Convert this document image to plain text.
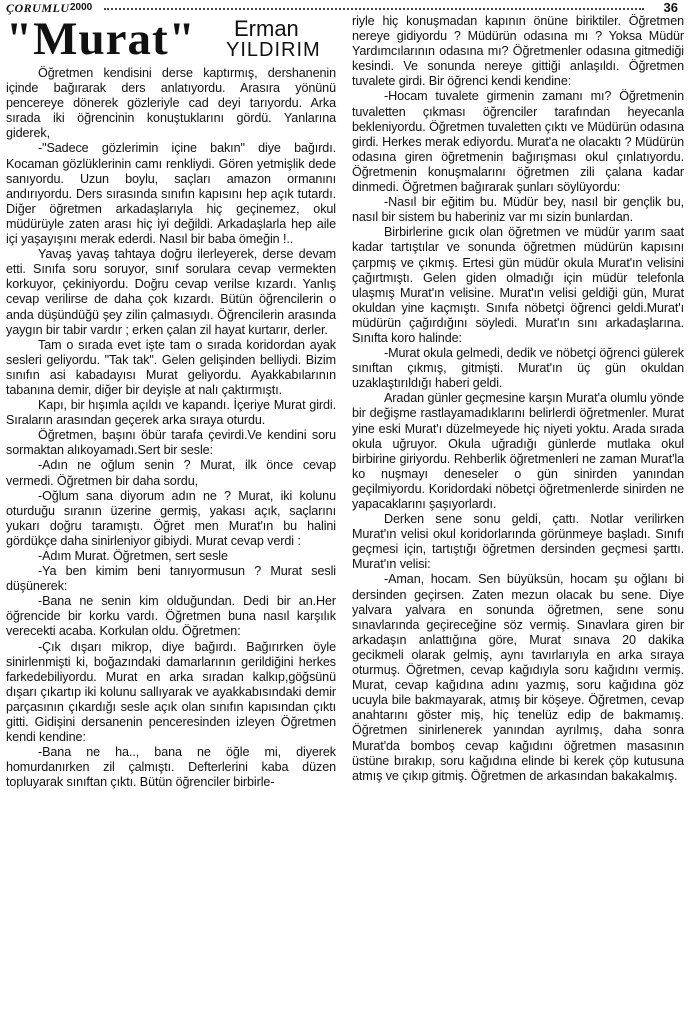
ÇORUMLU 2000	36
"Murat"	Erman
YILDIRIM

Öğretmen kendisini derse kaptırmış, dershanenin içinde bağırarak ders anlatıyordu. Arasıra yönünü pencereye dönerek gözleriyle cad deyi tarıyordu. Arka sırada iki öğrencinin konuştuklarını gördü. Yanlarına giderek,

-"Sadece gözlerimin içine bakın" diye bağırdı. Kocaman gözlüklerinin camı renkliydi. Gören yetmişlik dede sanıyordu. Uzun boylu, saçları amazon ormanını andırıyordu. Ders sırasında sınıfın kapısını hep açık tutardı. Diğer öğretmen arkadaşlarıyla hiç geçinemez, okul müdürüyle zaten arası hiç iyi değildi. Arkadaşlarla hep aile içi yaşayışını merak ederdi. Nasıl bir baba ömeğin !..

Yavaş yavaş tahtaya doğru ilerleyerek, derse devam etti. Sınıfa soru soruyor, sınıf sorulara cevap vermekten korkuyor, çekiniyordu. Doğru cevap verilse kızardı. Yanlış cevap verilirse de daha çok kızardı. Bütün öğrencilerin o anda düşündüğü şey zilin çalmasıydı. Öğrencilerin arasında yaygın bir tabir vardır ; erken çalan zil hayat kurtarır, derler.

Tam o sırada evet işte tam o sırada koridordan ayak sesleri geliyordu. "Tak tak". Gelen gelişinden belliydi. Bizim sınıfın asi kabadayısı Murat geliyordu. Ayakkabılarının tabanına demir, diğer bir deyişle at nalı çaktırmıştı.

Kapı, bir hışımla açıldı ve kapandı. İçeriye Murat girdi. Sıraların arasından geçerek arka sıraya oturdu.

Öğretmen, başını öbür tarafa çevirdi.Ve kendini soru sormaktan alıkoyamadı.Sert bir sesle:

-Adın ne oğlum senin ? Murat, ilk önce cevap vermedi. Öğretmen bir daha sordu,

-Oğlum sana diyorum adın ne ? Murat, iki kolunu oturduğu sıranın üzerine germiş, yakası açık, saçlarını yukarı doğru taramıştı. Öğret men Murat'ın bu halini gördükçe daha sinirleniyor gibiydi. Murat cevap verdi :

-Adım Murat. Öğretmen, sert sesle

-Ya ben kimim beni tanıyormusun ? Murat sesli düşünerek:

-Bana ne senin kim olduğundan. Dedi bir an.Her öğrencide bir korku vardı. Öğretmen buna nasıl karşılık verecekti acaba. Korkulan oldu. Öğretmen:

-Çık dışarı mikrop, diye bağırdı. Bağırırken öyle sinirlenmişti ki, boğazındaki damarlarının gerildiğini herkes farkedebiliyordu. Murat en arka sıradan kalkıp,göğsünü dışarı çıkartıp iki kolunu sallıyarak ve ayakkabısındaki demir parçasının çıkardığı sesle açık olan sınıfın kapısından çıktı gitti. Gidişini dersanenin penceresinden izleyen Öğretmen kendi kendine:

-Bana ne ha.., bana ne öğle mi, diyerek homurdanırken zil çalmıştı. Defterlerini kaba düzen topluyarak sınıftan çıktı. Bütün öğrenciler birbirle-

riyle hiç konuşmadan kapının önüne biriktiler. Öğretmen nereye gidiyordu ? Müdürün odasına mı ? Yoksa Müdür Yardımcılarının odasına mı? Öğretmenler odasına gitmediği kesindi. Ve sonunda nereye gittiği anlaşıldı. Öğretmen tuvalete girdi. Bir öğrenci kendi kendine:

-Hocam tuvalete girmenin zamanı mı? Öğretmenin tuvaletten çıkması öğrenciler tarafından heyecanla bekleniyordu. Öğretmen tuvaletten çıktı ve Müdürün odasına girdi. Herkes merak ediyordu. Murat'a ne olacaktı ? Müdürün odasına giren öğretmenin bağırışması okul çınlatıyordu. Öğretmenin konuşmalarını öğretmen zili çalana kadar dinmedi. Öğretmen bağırarak şunları söylüyordu:

-Nasıl bir eğitim bu. Müdür bey, nasıl bir gençlik bu, nasıl bir sistem bu haberiniz var mı sizin bunlardan.

Birbirlerine gıcık olan öğretmen ve müdür yarım saat kadar tartıştılar ve sonunda öğretmen müdürün kapısını çarpmış ve çıkmış. Ertesi gün müdür okula Murat'ın velisini çağırtmıştı. Gelen giden olmadığı için müdür telefonla ulaşmış Murat'ın velisine. Murat'ın velisi geldiği gün, Murat okuldan yine kaçmıştı. Sınıfa nöbetçi öğrenci geldi.Murat'ı müdürün çağırdığını söyledi. Murat'ın sını arkadaşlarına. Sınıfta koro halinde:

-Murat okula gelmedi, dedik ve nöbetçi öğrenci gülerek sınıftan çıkmış, gitmişti. Murat'ın üç gün okuldan uzaklaştırıldığı haberi geldi.

Aradan günler geçmesine karşın Murat'a olumlu yönde bir değişme rastlayamadıklarını belirlerdi öğretmenler. Murat yine eski Murat'ı düzelmeyede hiç niyeti yoktu. Arada sırada okula uğruyor. Okula uğradığı günlerde mutlaka okul birbirine giriyordu. Rehberlik öğretmenleri ne zaman Murat'la ko nuşmayı deneseler o gün sinirden yanından geçilmiyordu. Koridordaki nöbetçi öğretmenlerde sinirden ne yapacaklarını şaşıyorlardı.

Derken sene sonu geldi, çattı. Notlar verilirken Murat'ın velisi okul koridorlarında görünmeye başladı. Sınıfı geçmesi için, tartıştığı öğretmen dersinden geçmesi şarttı. Murat'ın velisi:

-Aman, hocam. Sen büyüksün, hocam şu oğlanı bi dersinden geçirsen. Zaten mezun olacak bu sene. Diye yalvara yalvara en sonunda öğretmen, sene sonu sınavlarında geçireceğine söz vermiş. Sınavlara giren bir arkadaşın anlattığına göre, Murat sınava 20 dakika gecikmeli olarak gelmiş, aynı tavırlarıyla en arka sıraya oturmuş. Öğretmen, cevap kağıdıyla soru kağıdını vermiş. Murat, cevap kağıdına adını yazmış, soru kağıdına göz ucuyla bile bakmayarak, atmış bir köşeye. Öğretmen, cevap anahtarını göster miş, hiç tenelüz edip de bakmamış. Öğretmen sinirlenerek yanından ayrılmış, daha sonra Murat'da bomboş cevap kağıdını öğretmen masasının üstüne bırakıp, soru kağıdına elinde bi kerek çöp kutusuna atmış ve çıkıp gitmiş. Öğretmen de arkasından bakakalmış.
